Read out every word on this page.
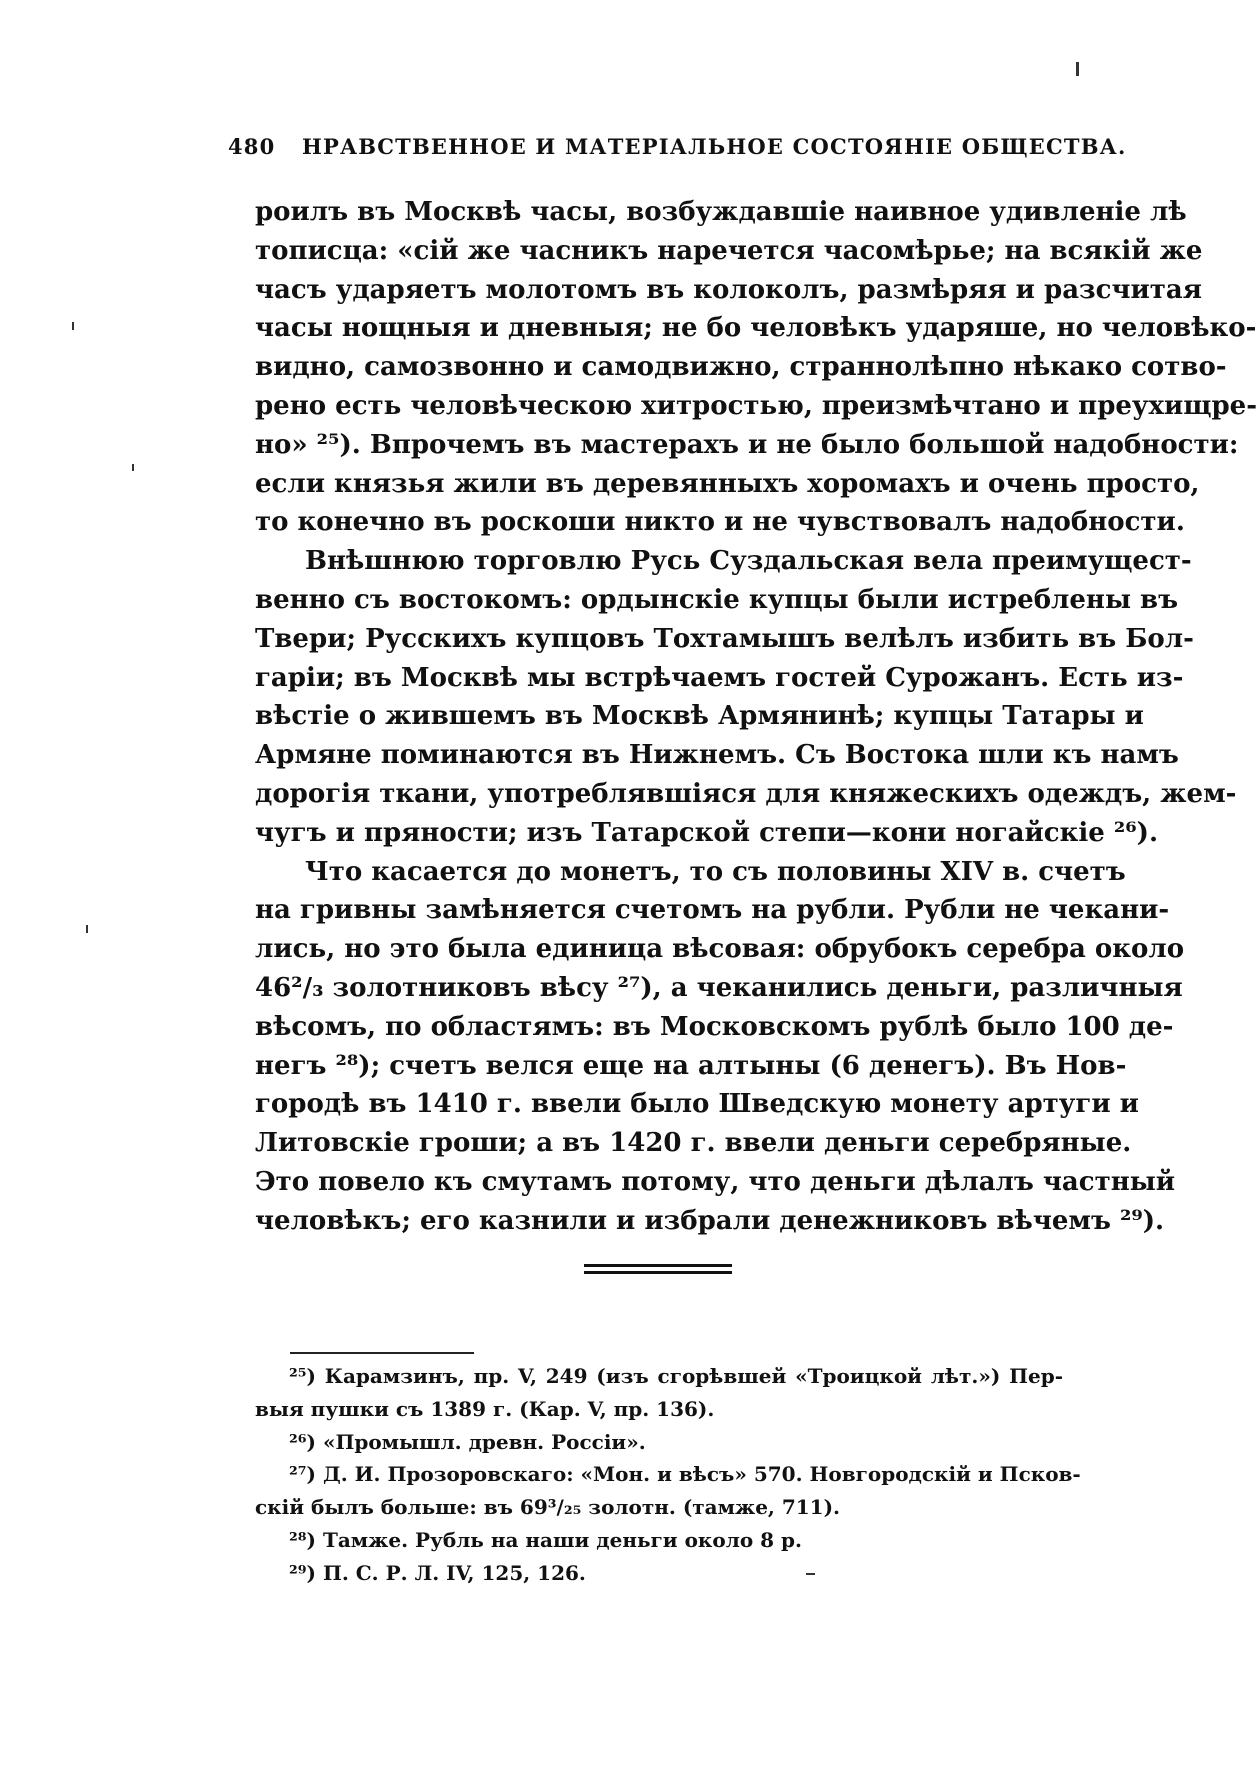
480 НРАВСТВЕННОЕ И МАТЕРІАЛЬНОЕ СОСТОЯНІЕ ОБЩЕСТВА.
роилъ въ Москвѣ часы, возбуждавшіе наивное удивленіе лѣ
тописца: «сій же часникъ наречется часомѣрье; на всякій же
часъ ударяетъ молотомъ въ колоколъ, размѣряя и разсчитая
часы нощныя и дневныя; не бо человѣкъ ударяше, но человѣко-
видно, самозвонно и самодвижно, страннолѣпно нѣкако сотво-
рено есть человѣческою хитростью, преизмѣчтано и преухищре-
но» ²⁵). Впрочемъ въ мастерахъ и не было большой надобности:
если князья жили въ деревянныхъ хоромахъ и очень просто,
то конечно въ роскоши никто и не чувствовалъ надобности.
Внѣшнюю торговлю Русь Суздальская вела преимущест-
венно съ востокомъ: ордынскіе купцы были истреблены въ
Твери; Русскихъ купцовъ Тохтамышъ велѣлъ избить въ Бол-
гаріи; въ Москвѣ мы встрѣчаемъ гостей Сурожанъ. Есть из-
вѣстіе о жившемъ въ Москвѣ Армянинѣ; купцы Татары и
Армяне поминаются въ Нижнемъ. Съ Востока шли къ намъ
дорогія ткани, употреблявшіяся для княжескихъ одеждъ, жем-
чугъ и пряности; изъ Татарской степи—кони ногайскіе ²⁶).
Что касается до монетъ, то съ половины XIV в. счетъ
на гривны замѣняется счетомъ на рубли. Рубли не чекани-
лись, но это была единица вѣсовая: обрубокъ серебра около
46²/₃ золотниковъ вѣсу ²⁷), а чеканились деньги, различныя
вѣсомъ, по областямъ: въ Московскомъ рублѣ было 100 де-
негъ ²⁸); счетъ велся еще на алтыны (6 денегъ). Въ Нов-
городѣ въ 1410 г. ввели было Шведскую монету артуги и
Литовскіе гроши; а въ 1420 г. ввели деньги серебряные.
Это повело къ смутамъ потому, что деньги дѣлалъ частный
человѣкъ; его казнили и избрали денежниковъ вѣчемъ ²⁹).
²⁵) Карамзинъ, пр. V, 249 (изъ сгорѣвшей «Троицкой лѣт.») Пер-
выя пушки съ 1389 г. (Кар. V, пр. 136).
²⁶) «Промышл. древн. Россіи».
²⁷) Д. И. Прозоровскаго: «Мон. и вѣсъ» 570. Новгородскій и Псков-
скій былъ больше: въ 69³/₂₅ золотн. (тамже, 711).
²⁸) Тамже. Рубль на наши деньги около 8 р.
²⁹) П. С. Р. Л. IV, 125, 126.
